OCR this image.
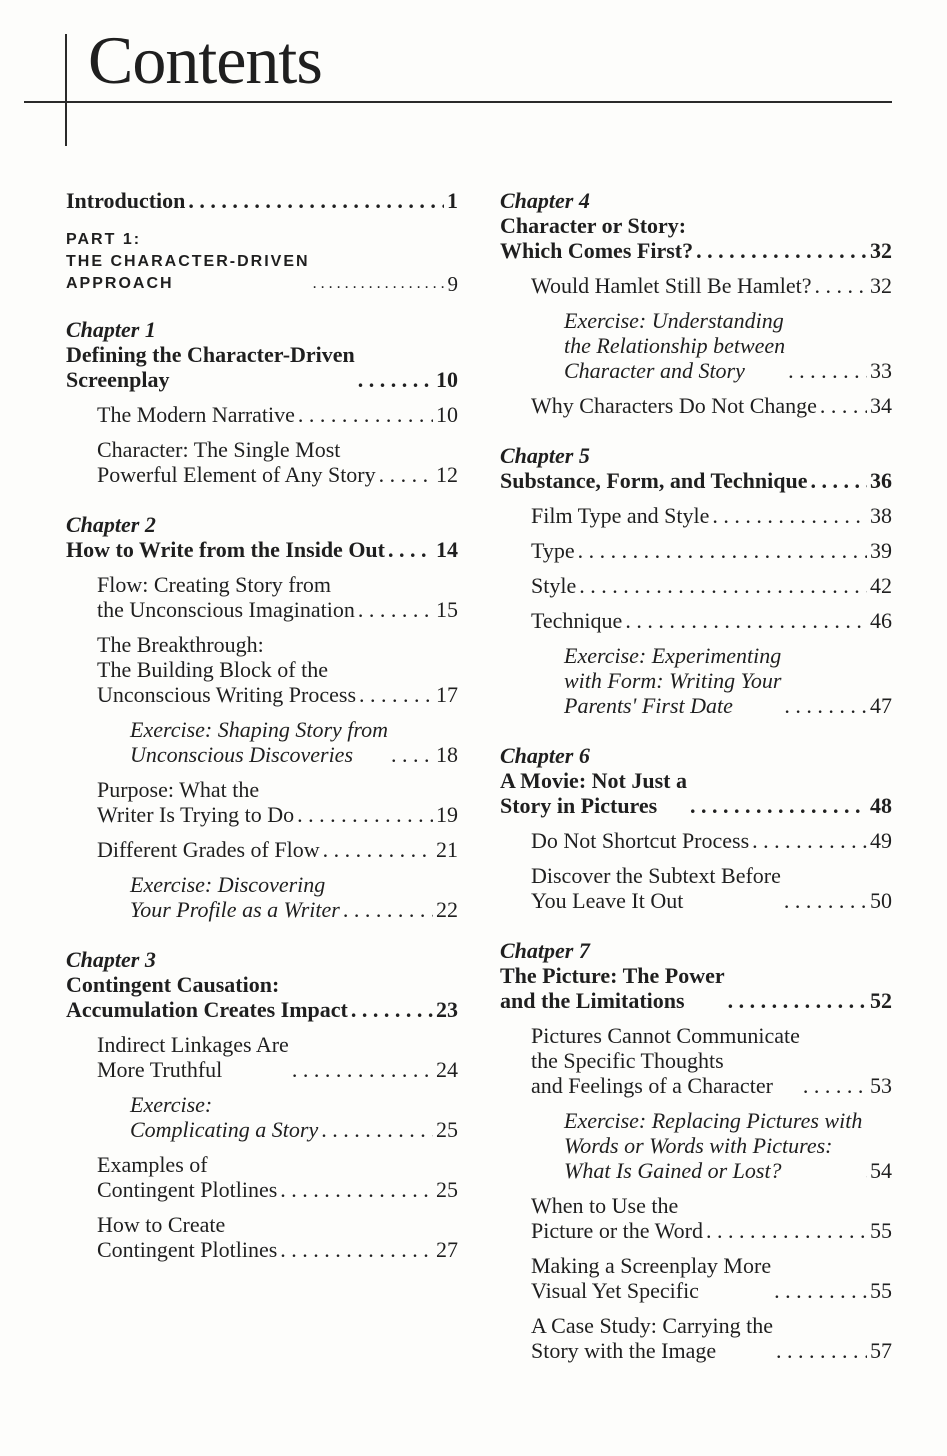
Contents
Introduction . . .	1
PART 1:
THE CHARACTER-DRIVEN
APPROACH . . .	9
Chapter 1
Defining the Character-Driven
Screenplay . . .	10
The Modern Narrative . . .	10
Character: The Single Most
Powerful Element of Any Story . . .	12
Chapter 2
How to Write from the Inside Out . . . 14
Flow: Creating Story from
the Unconscious Imagination . . .	15
The Breakthrough:
The Building Block of the
Unconscious Writing Process . . .	17
Exercise: Shaping Story from
Unconscious Discoveries . . .	18
Purpose: What the
Writer Is Trying to Do . . .	19
Different Grades of Flow . . .	21
Exercise: Discovering
Your Profile as a Writer . . .	22
Chapter 3
Contingent Causation:
Accumulation Creates Impact . . .	23
Indirect Linkages Are
More Truthful . . .	24
Exercise:
Complicating a Story . . .	25
Examples of
Contingent Plotlines . . .	25
How to Create
Contingent Plotlines . . .	27
Chapter 4
Character or Story:
Which Comes First? . . .	32
Would Hamlet Still Be Hamlet? . . .	32
Exercise: Understanding
the Relationship between
Character and Story . . .	33
Why Characters Do Not Change . . . 34
Chapter 5
Substance, Form, and Technique . . .	36
Film Type and Style . . .	38
Type . . .	39
Style . . .	42
Technique . . .	46
Exercise: Experimenting
with Form: Writing Your
Parents' First Date . . .	47
Chapter 6
A Movie: Not Just a
Story in Pictures . . .	48
Do Not Shortcut Process . . .	49
Discover the Subtext Before
You Leave It Out . . .	50
Chatper 7
The Picture: The Power
and the Limitations . . .	52
Pictures Cannot Communicate
the Specific Thoughts
and Feelings of a Character . . .	53
Exercise: Replacing Pictures with
Words or Words with Pictures:
What Is Gained or Lost? . . .	54
When to Use the
Picture or the Word . . .	55
Making a Screenplay More
Visual Yet Specific . . .	55
A Case Study: Carrying the
Story with the Image . . .	57
